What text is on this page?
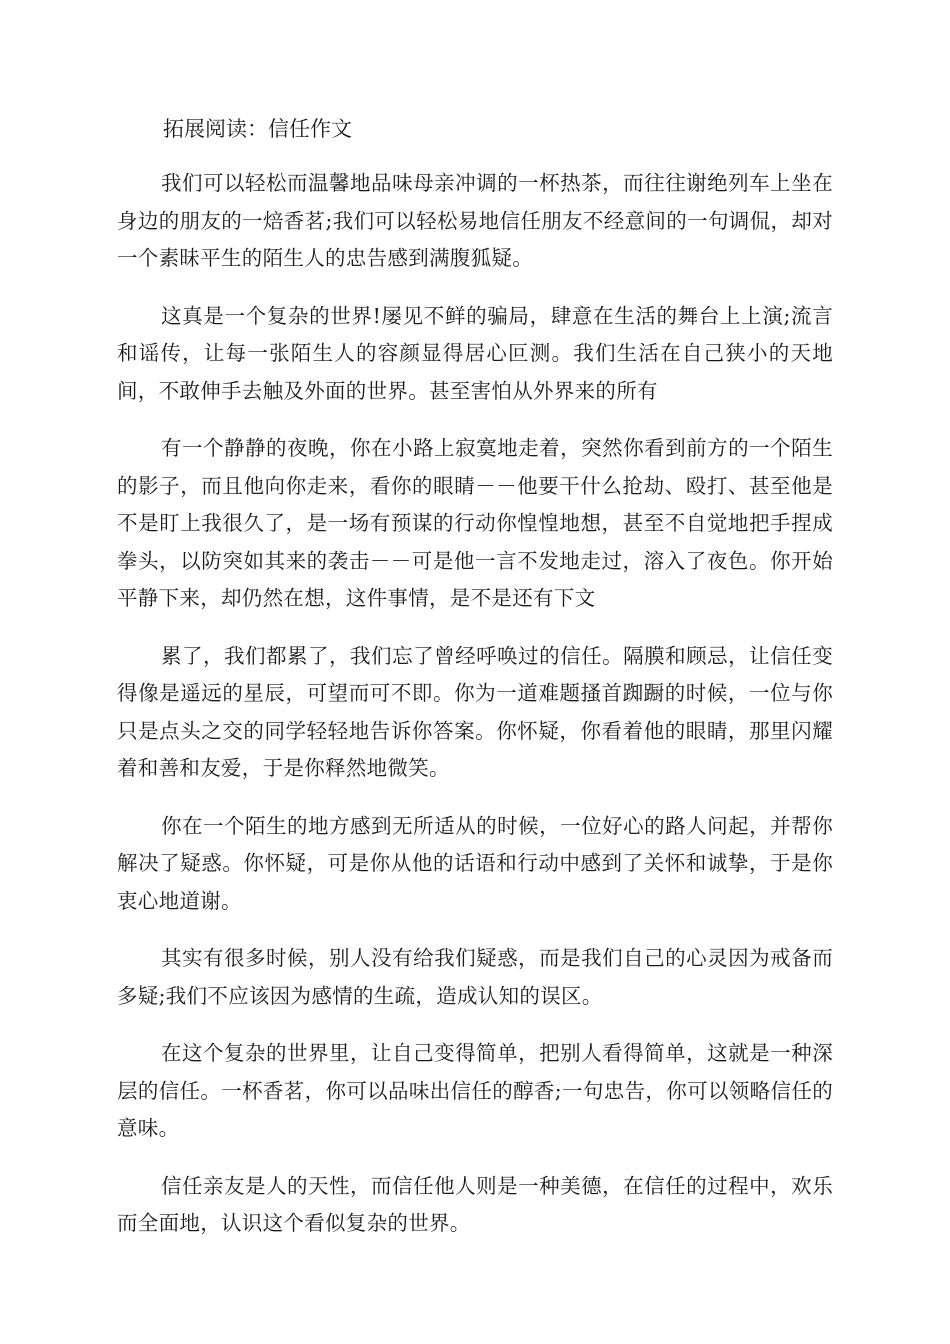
拓展阅读：信任作文

我们可以轻松而温馨地品味母亲冲调的一杯热茶，而往往谢绝列车上坐在身边的朋友的一焙香茗;我们可以轻松易地信任朋友不经意间的一句调侃，却对一个素昧平生的陌生人的忠告感到满腹狐疑。

这真是一个复杂的世界!屡见不鲜的骗局，肆意在生活的舞台上上演;流言和谣传，让每一张陌生人的容颜显得居心叵测。我们生活在自己狭小的天地间，不敢伸手去触及外面的世界。甚至害怕从外界来的所有

有一个静静的夜晚，你在小路上寂寞地走着，突然你看到前方的一个陌生的影子，而且他向你走来，看你的眼睛－－他要干什么抢劫、殴打、甚至他是不是盯上我很久了，是一场有预谋的行动你惶惶地想，甚至不自觉地把手捏成拳头，以防突如其来的袭击－－可是他一言不发地走过，溶入了夜色。你开始平静下来，却仍然在想，这件事情，是不是还有下文

累了，我们都累了，我们忘了曾经呼唤过的信任。隔膜和顾忌，让信任变得像是遥远的星辰，可望而可不即。你为一道难题搔首踟蹰的时候，一位与你只是点头之交的同学轻轻地告诉你答案。你怀疑，你看着他的眼睛，那里闪耀着和善和友爱，于是你释然地微笑。

你在一个陌生的地方感到无所适从的时候，一位好心的路人问起，并帮你解决了疑惑。你怀疑，可是你从他的话语和行动中感到了关怀和诚挚，于是你衷心地道谢。

其实有很多时候，别人没有给我们疑惑，而是我们自己的心灵因为戒备而多疑;我们不应该因为感情的生疏，造成认知的误区。

在这个复杂的世界里，让自己变得简单，把别人看得简单，这就是一种深层的信任。一杯香茗，你可以品味出信任的醇香;一句忠告，你可以领略信任的意味。

信任亲友是人的天性，而信任他人则是一种美德，在信任的过程中，欢乐而全面地，认识这个看似复杂的世界。
